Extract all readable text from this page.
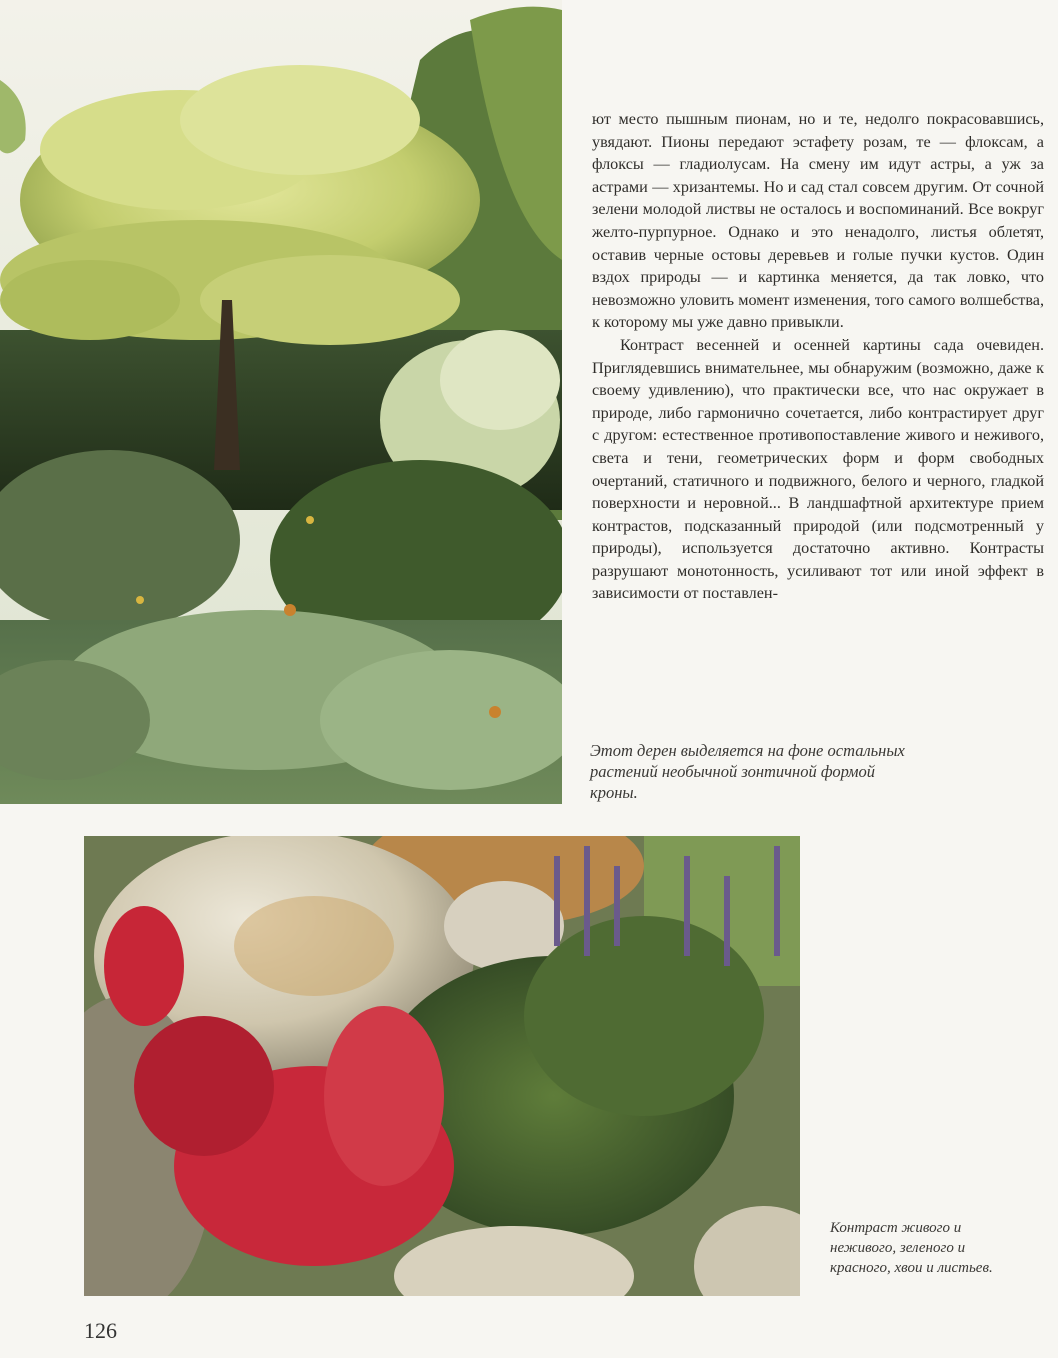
ют место пышным пионам, но и те, недолго покрасовавшись, увядают. Пионы передают эстафету розам, те — флоксам, а флоксы — гладиолусам. На смену им идут астры, а уж за астрами — хризантемы. Но и сад стал совсем другим. От сочной зелени молодой листвы не осталось и воспоминаний. Все вокруг желто-пурпурное. Однако и это ненадолго, листья облетят, оставив черные остовы деревьев и голые пучки кустов. Один вздох природы — и картинка меняется, да так ловко, что невозможно уловить момент изменения, того самого волшебства, к которому мы уже давно привыкли.

Контраст весенней и осенней картины сада очевиден. Приглядевшись внимательнее, мы обнаружим (возможно, даже к своему удивлению), что практически все, что нас окружает в природе, либо гармонично сочетается, либо контрастирует друг с другом: естественное противопоставление живого и неживого, света и тени, геометрических форм и форм свободных очертаний, статичного и подвижного, белого и черного, гладкой поверхности и неровной... В ландшафтной архитектуре прием контрастов, подсказанный природой (или подсмотренный у природы), используется достаточно активно. Контрасты разрушают монотонность, усиливают тот или иной эффект в зависимости от поставлен-

Этот дерен выделяется на фоне остальных растений необычной зонтичной формой кроны.
Контраст живого и неживого, зеленого и красного, хвои и листьев.
126
